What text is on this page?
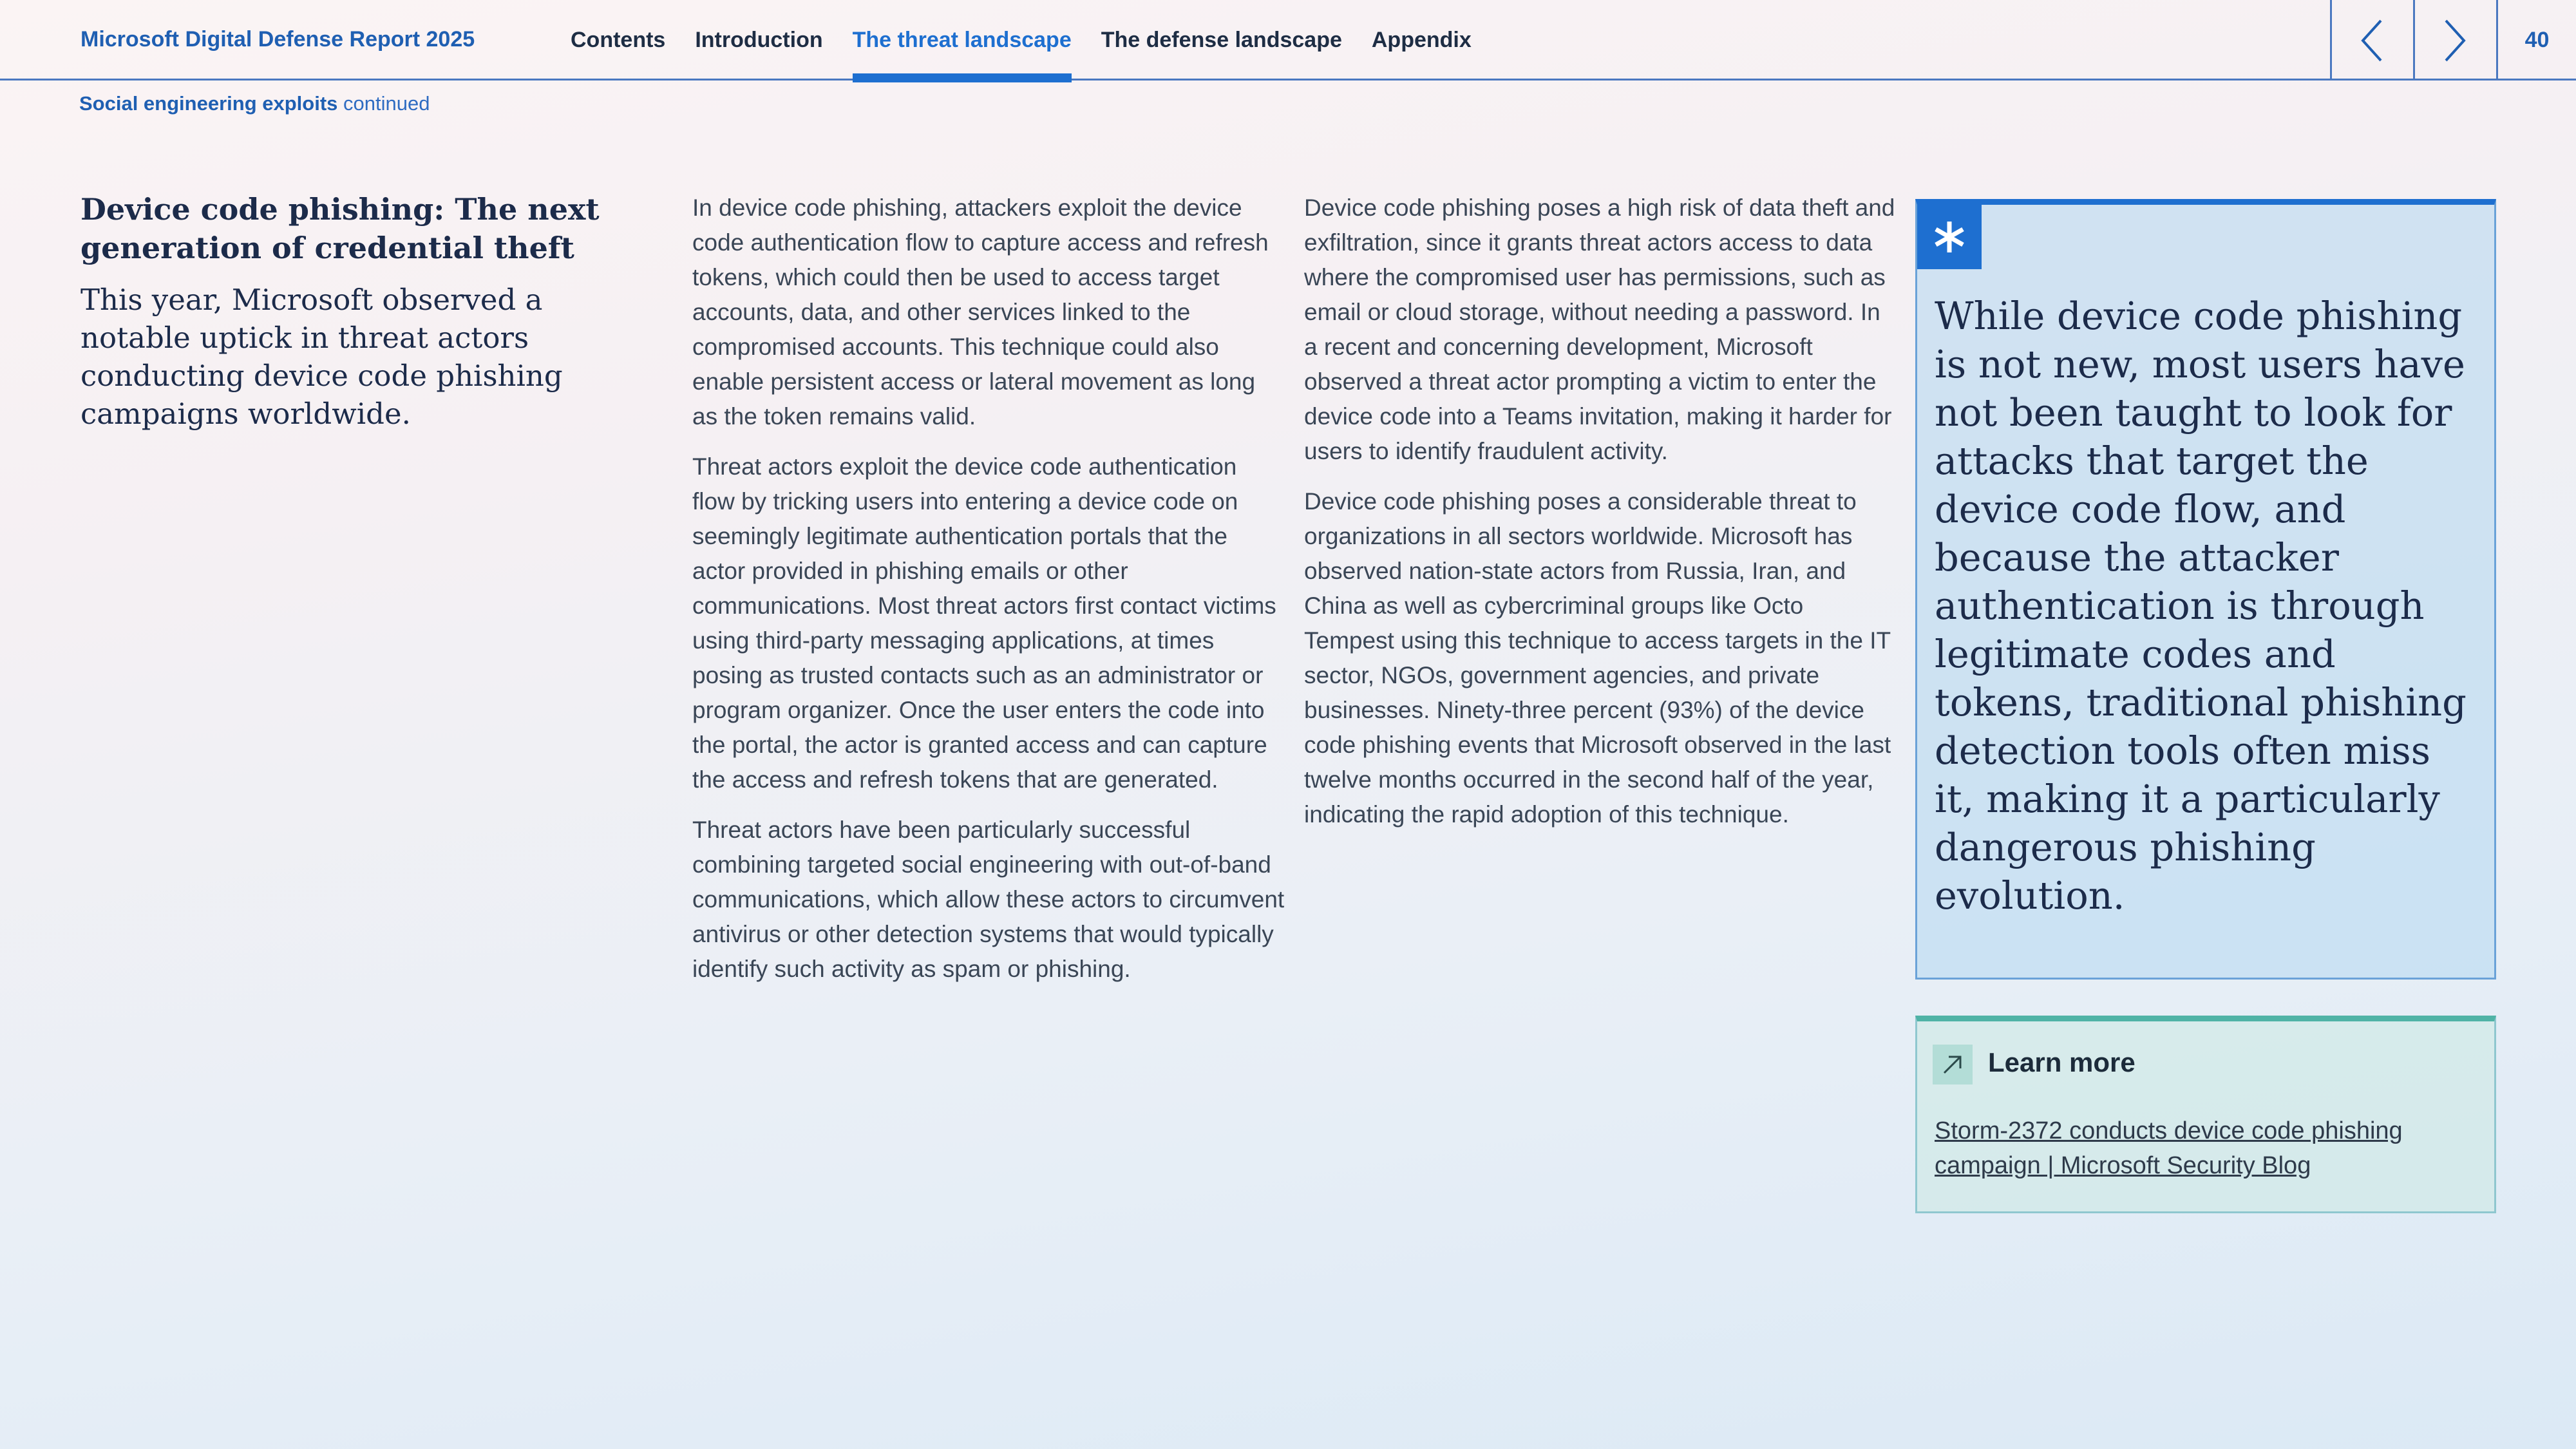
Microsoft Digital Defense Report 2025	Contents Introduction The threat landscape The defense landscape Appendix	40
Social engineering exploits continued
Device code phishing: The next generation of credential theft

This year, Microsoft observed a notable uptick in threat actors conducting device code phishing campaigns worldwide.

In device code phishing, attackers exploit the device code authentication flow to capture access and refresh tokens, which could then be used to access target accounts, data, and other services linked to the compromised accounts. This technique could also enable persistent access or lateral movement as long as the token remains valid.

Threat actors exploit the device code authentication flow by tricking users into entering a device code on seemingly legitimate authentication portals that the actor provided in phishing emails or other communications. Most threat actors first contact victims using third-party messaging applications, at times posing as trusted contacts such as an administrator or program organizer. Once the user enters the code into the portal, the actor is granted access and can capture the access and refresh tokens that are generated.

Threat actors have been particularly successful combining targeted social engineering with out-of-band communications, which allow these actors to circumvent antivirus or other detection systems that would typically identify such activity as spam or phishing.

Device code phishing poses a high risk of data theft and exfiltration, since it grants threat actors access to data where the compromised user has permissions, such as email or cloud storage, without needing a password. In a recent and concerning development, Microsoft observed a threat actor prompting a victim to enter the device code into a Teams invitation, making it harder for users to identify fraudulent activity.

Device code phishing poses a considerable threat to organizations in all sectors worldwide. Microsoft has observed nation-state actors from Russia, Iran, and China as well as cybercriminal groups like Octo Tempest using this technique to access targets in the IT sector, NGOs, government agencies, and private businesses. Ninety-three percent (93%) of the device code phishing events that Microsoft observed in the last twelve months occurred in the second half of the year, indicating the rapid adoption of this technique.

While device code phishing is not new, most users have not been taught to look for attacks that target the device code flow, and because the attacker authentication is through legitimate codes and tokens, traditional phishing detection tools often miss it, making it a particularly dangerous phishing evolution.

Learn more
Storm-2372 conducts device code phishing campaign | Microsoft Security Blog
